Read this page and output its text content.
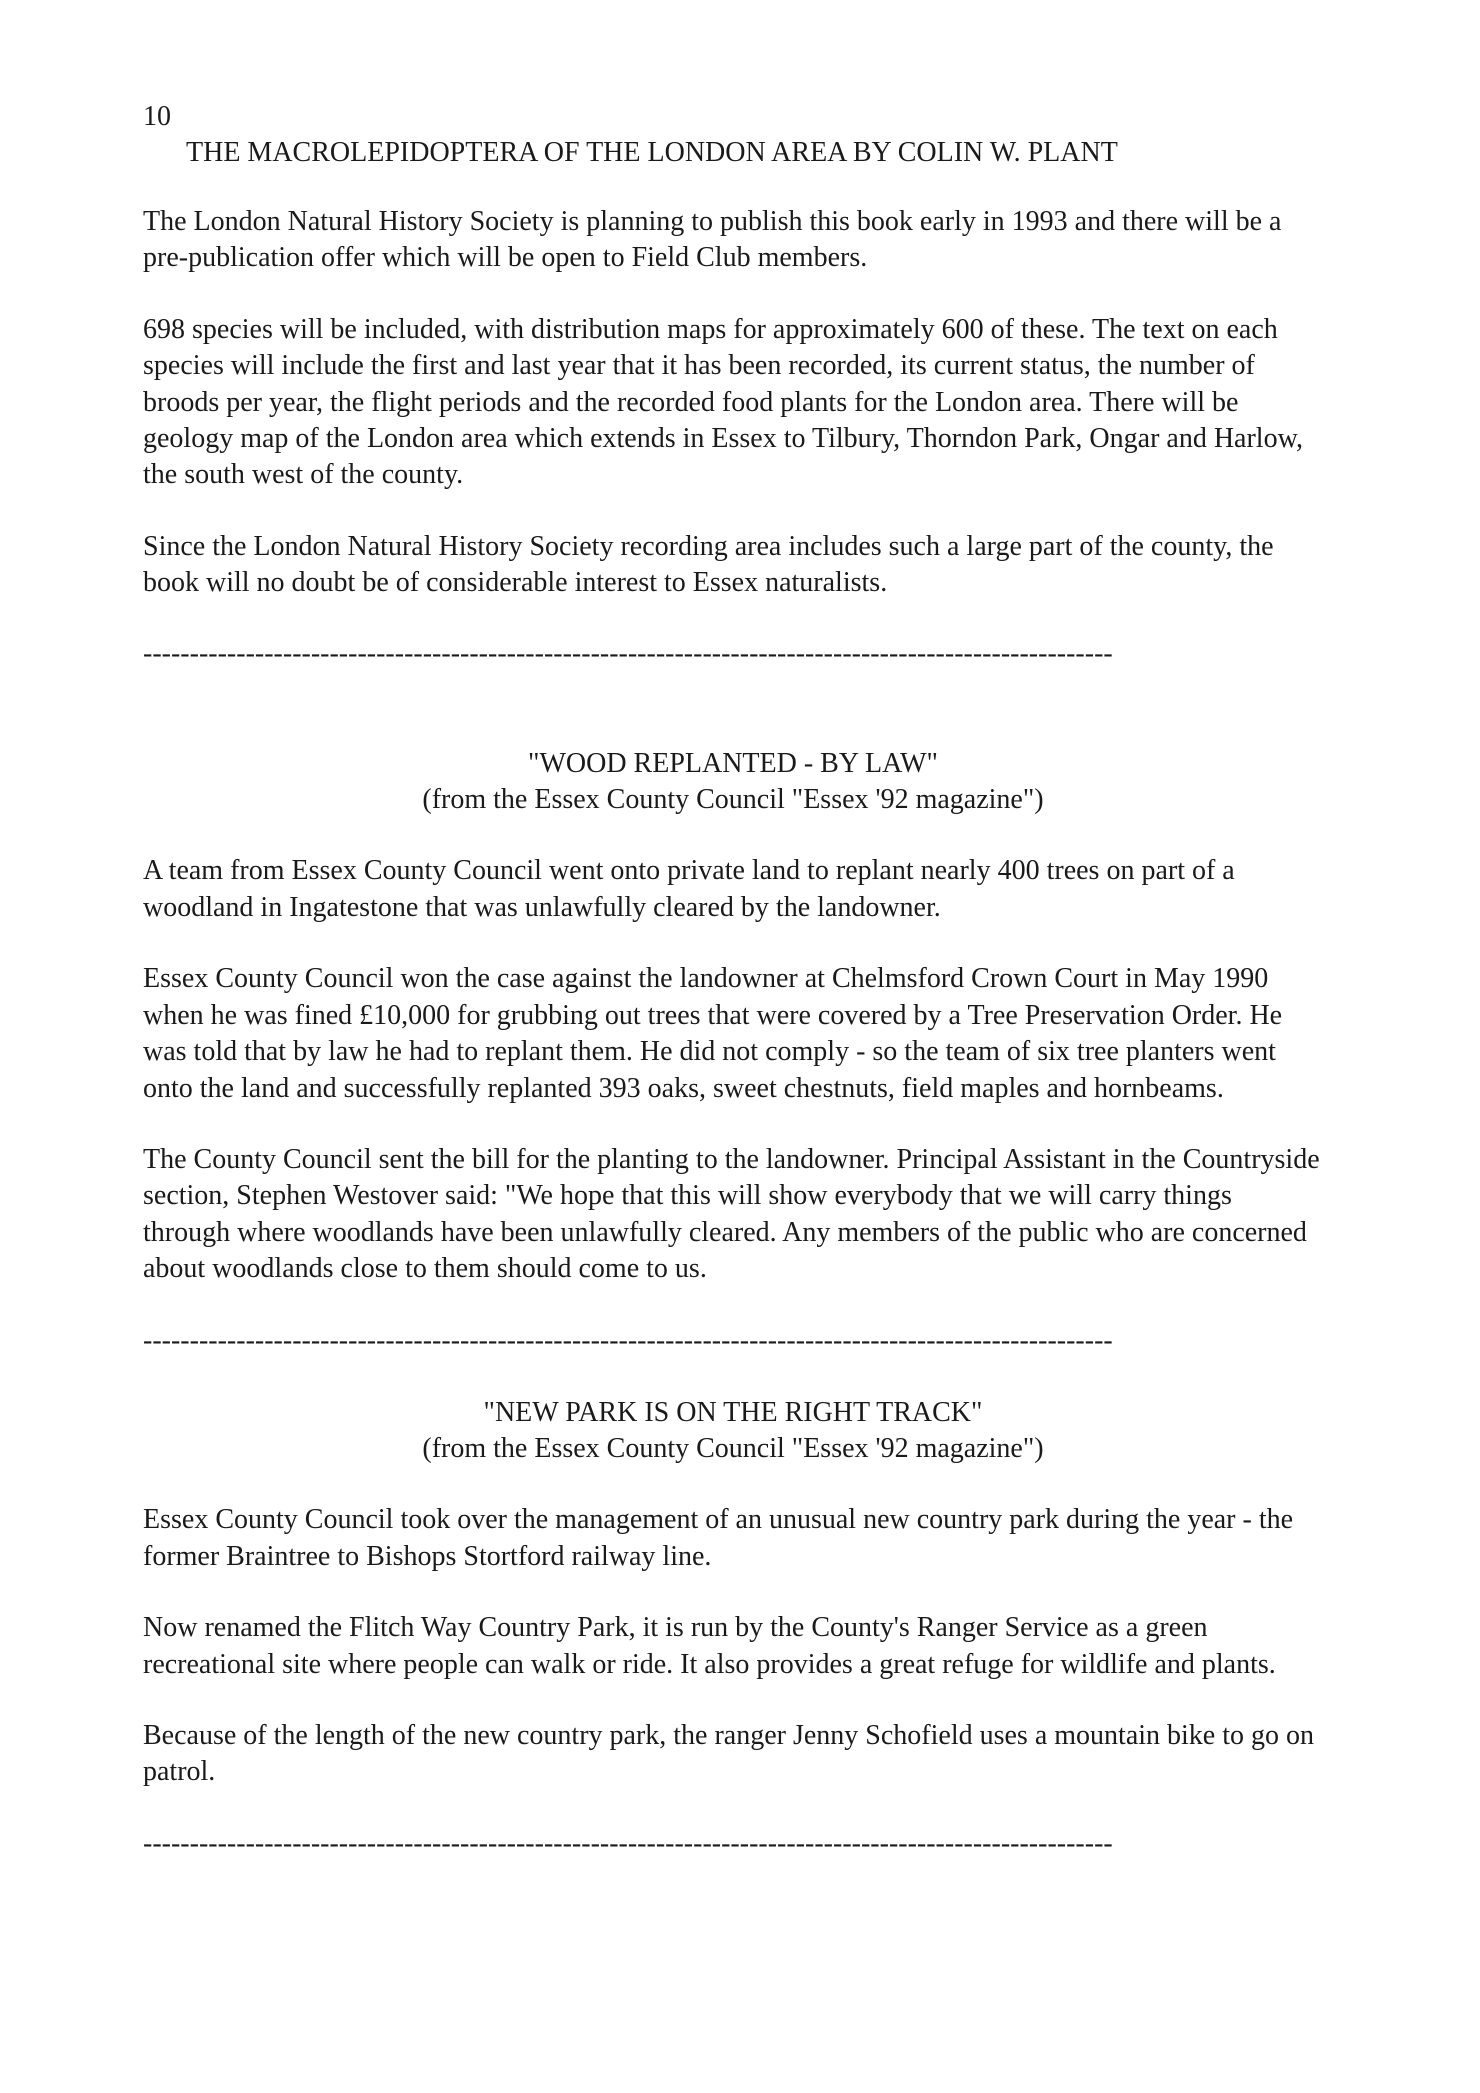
10
THE MACROLEPIDOPTERA OF THE LONDON AREA BY COLIN W. PLANT

The London Natural History Society is planning to publish this book early in 1993 and there will be a pre-publication offer which will be open to Field Club members.

698 species will be included, with distribution maps for approximately 600 of these. The text on each species will include the first and last year that it has been recorded, its current status, the number of broods per year, the flight periods and the recorded food plants for the London area. There will be geology map of the London area which extends in Essex to Tilbury, Thorndon Park, Ongar and Harlow, the south west of the county.

Since the London Natural History Society recording area includes such a large part of the county, the book will no doubt be of considerable interest to Essex naturalists.

--------------------------------------------------------------------------------------------------------
"WOOD REPLANTED - BY LAW"
(from the Essex County Council "Essex '92 magazine")

A team from Essex County Council went onto private land to replant nearly 400 trees on part of a woodland in Ingatestone that was unlawfully cleared by the landowner.

Essex County Council won the case against the landowner at Chelmsford Crown Court in May 1990 when he was fined £10,000 for grubbing out trees that were covered by a Tree Preservation Order. He was told that by law he had to replant them. He did not comply - so the team of six tree planters went onto the land and successfully replanted 393 oaks, sweet chestnuts, field maples and hornbeams.

The County Council sent the bill for the planting to the landowner. Principal Assistant in the Countryside section, Stephen Westover said: "We hope that this will show everybody that we will carry things through where woodlands have been unlawfully cleared. Any members of the public who are concerned about woodlands close to them should come to us.

--------------------------------------------------------------------------------------------------------
"NEW PARK IS ON THE RIGHT TRACK"
(from the Essex County Council "Essex '92 magazine")

Essex County Council took over the management of an unusual new country park during the year - the former Braintree to Bishops Stortford railway line.

Now renamed the Flitch Way Country Park, it is run by the County's Ranger Service as a green recreational site where people can walk or ride. It also provides a great refuge for wildlife and plants.

Because of the length of the new country park, the ranger Jenny Schofield uses a mountain bike to go on patrol.

--------------------------------------------------------------------------------------------------------
